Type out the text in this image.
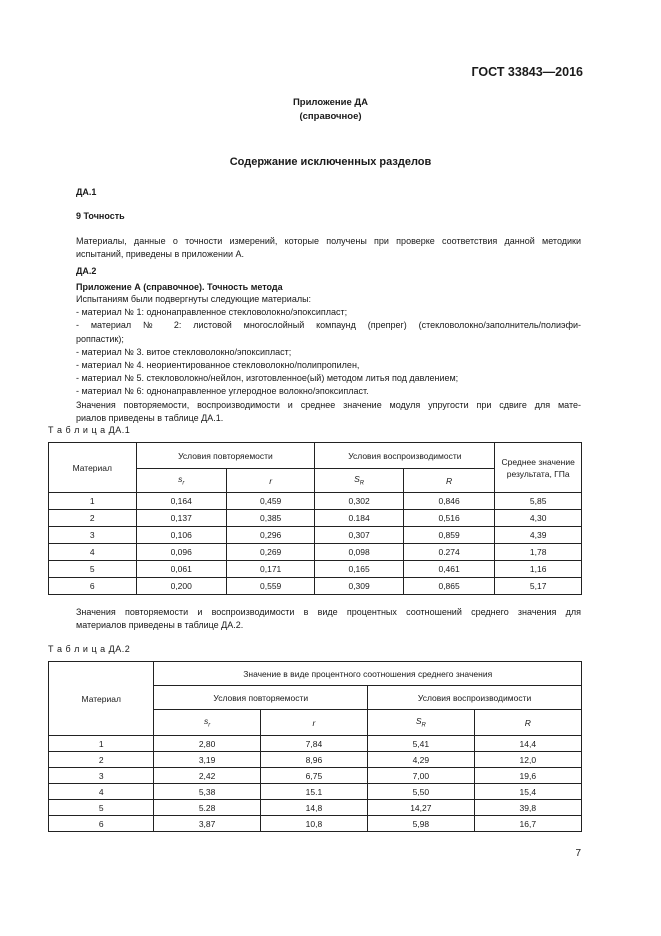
ГОСТ 33843—2016
Приложение ДА
(справочное)
Содержание исключенных разделов
ДА.1
9 Точность
Материалы, данные о точности измерений, которые получены при проверке соответствия данной методики
испытаний, приведены в приложении А.
ДА.2
Приложение А (справочное). Точность метода
Испытаниям были подвергнуты следующие материалы:
- материал № 1: однонаправленное стекловолокно/эпоксипласт;
- материал № 2: листовой многослойный компаунд (препрег) (стекловолокно/заполнитель/полиэфи-
роппастик);
- материал № 3. витое стекловолокно/эпоксипласт;
- материал № 4. неориентированное стекловолокно/полипропилен,
- материал № 5. стекловолокно/нейлон, изготовленное(ый) методом литья под давлением;
- материал № 6: однонаправленное углеродное волокно/эпоксипласт.
Значения повторяемости, воспроизводимости и среднее значение модуля упругости при сдвиге для мате-
риалов приведены в таблице ДА.1.
Т а б л и ц а ДА.1
Материал	Условия повторяемости		Условия воспроизводимости		Среднее значение
результата, ГПа

	$s_r$	r	$S_R$	R	
1	0,164	0,459	0,302	0,846	5,85
2	0,137	0,385	0.184	0,516	4,30
3	0,106	0,296	0,307	0,859	4,39
4	0,096	0,269	0,098	0.274	1,78
5	0,061	0,171	0,165	0,461	1,16
6	0,200	0,559	0,309	0,865	5,17
Значения повторяемости и воспроизводимости в виде процентных соотношений среднего значения для
материалов приведены в таблице ДА.2.
Т а б л и ц а ДА.2
Материал	Значение в виде процентного соотношения среднего значения			
	Условия повторяемости		Условия воспроизводимости	
	$s_r$	r	$S_R$	R
1	2,80	7,84	5,41	14,4
2	3,19	8,96	4,29	12,0
3	2,42	6,75	7,00	19,6
4	5,38	15.1	5,50	15,4
5	5.28	14,8	14,27	39,8
6	3,87	10,8	5,98	16,7
7
